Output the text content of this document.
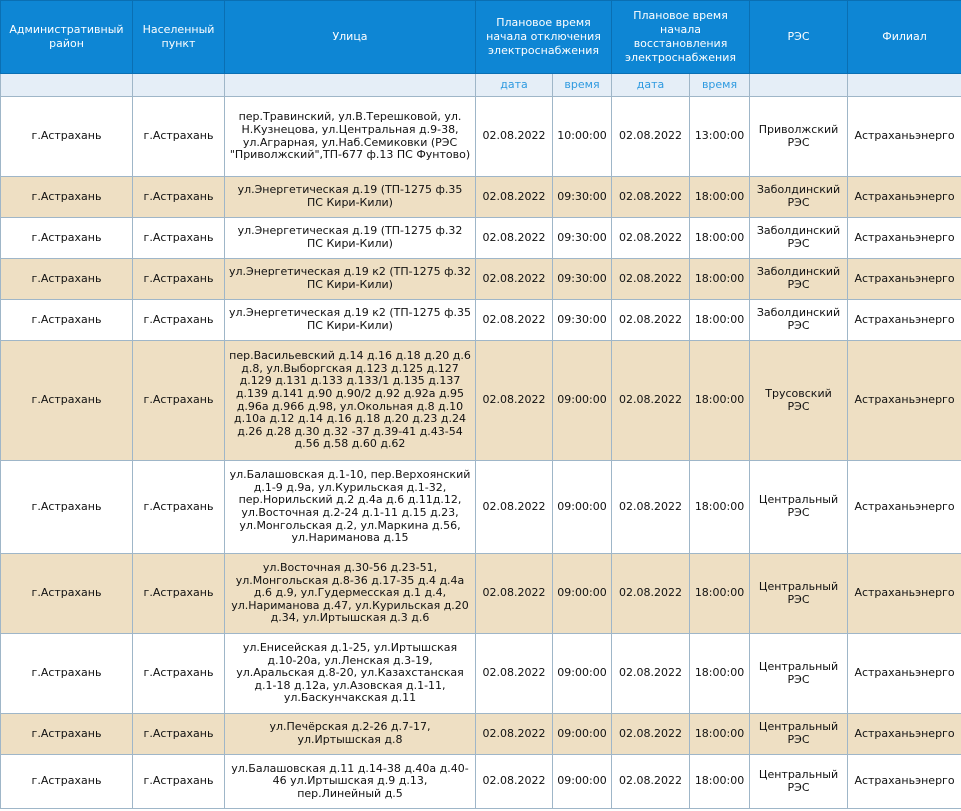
Административный район	Населенный пункт	Улица	Плановое время начала отключения электроснабжения		Плановое время начала восстановления электроснабжения		РЭС	Филиал
			дата	время	дата	время		
г.Астрахань	г.Астрахань	пер.Травинский, ул.В.Терешковой, ул. Н.Кузнецова, ул.Центральная д.9-38, ул.Аграрная, ул.Наб.Семиковки (РЭС "Приволжский",ТП-677 ф.13 ПС Фунтово)	02.08.2022	10:00:00	02.08.2022	13:00:00	Приволжский РЭС	Астраханьэнерго
г.Астрахань	г.Астрахань	ул.Энергетическая д.19 (ТП-1275 ф.35 ПС Кири-Кили)	02.08.2022	09:30:00	02.08.2022	18:00:00	Заболдинский РЭС	Астраханьэнерго
г.Астрахань	г.Астрахань	ул.Энергетическая д.19 (ТП-1275 ф.32 ПС Кири-Кили)	02.08.2022	09:30:00	02.08.2022	18:00:00	Заболдинский РЭС	Астраханьэнерго
г.Астрахань	г.Астрахань	ул.Энергетическая д.19 к2 (ТП-1275 ф.32 ПС Кири-Кили)	02.08.2022	09:30:00	02.08.2022	18:00:00	Заболдинский РЭС	Астраханьэнерго
г.Астрахань	г.Астрахань	ул.Энергетическая д.19 к2 (ТП-1275 ф.35 ПС Кири-Кили)	02.08.2022	09:30:00	02.08.2022	18:00:00	Заболдинский РЭС	Астраханьэнерго
г.Астрахань	г.Астрахань	пер.Васильевский д.14 д.16 д.18 д.20 д.6 д.8, ул.Выборгская д.123 д.125 д.127 д.129 д.131 д.133 д.133/1 д.135 д.137 д.139 д.141 д.90 д.90/2 д.92 д.92а д.95 д.96а д.966 д.98, ул.Окольная д.8 д.10 д.10а д.12 д.14 д.16 д.18 д.20 д.23 д.24 д.26 д.28 д.30 д.32 -37 д.39-41 д.43-54 д.56 д.58 д.60 д.62	02.08.2022	09:00:00	02.08.2022	18:00:00	Трусовский РЭС	Астраханьэнерго
г.Астрахань	г.Астрахань	ул.Балашовская д.1-10, пер.Верхоянский д.1-9 д.9а, ул.Курильская д.1-32, пер.Норильский д.2 д.4а д.6 д.11д.12, ул.Восточная д.2-24 д.1-11 д.15 д.23, ул.Монгольская д.2, ул.Маркина д.56, ул.Нариманова д.15	02.08.2022	09:00:00	02.08.2022	18:00:00	Центральный РЭС	Астраханьэнерго
г.Астрахань	г.Астрахань	ул.Восточная д.30-56 д.23-51, ул.Монгольская д.8-36 д.17-35 д.4 д.4а д.6 д.9, ул.Гудермесская д.1 д.4, ул.Нариманова д.47, ул.Курильская д.20 д.34, ул.Иртышская д.3 д.6	02.08.2022	09:00:00	02.08.2022	18:00:00	Центральный РЭС	Астраханьэнерго
г.Астрахань	г.Астрахань	ул.Енисейская д.1-25, ул.Иртышская д.10-20а, ул.Ленская д.3-19, ул.Аральская д.8-20, ул.Казахстанская д.1-18 д.12а, ул.Азовская д.1-11, ул.Баскунчакская д.11	02.08.2022	09:00:00	02.08.2022	18:00:00	Центральный РЭС	Астраханьэнерго
г.Астрахань	г.Астрахань	ул.Печёрская д.2-26 д.7-17, ул.Иртышская д.8	02.08.2022	09:00:00	02.08.2022	18:00:00	Центральный РЭС	Астраханьэнерго
г.Астрахань	г.Астрахань	ул.Балашовская д.11 д.14-38 д.40а д.40-46 ул.Иртышская д.9 д.13, пер.Линейный д.5	02.08.2022	09:00:00	02.08.2022	18:00:00	Центральный РЭС	Астраханьэнерго
